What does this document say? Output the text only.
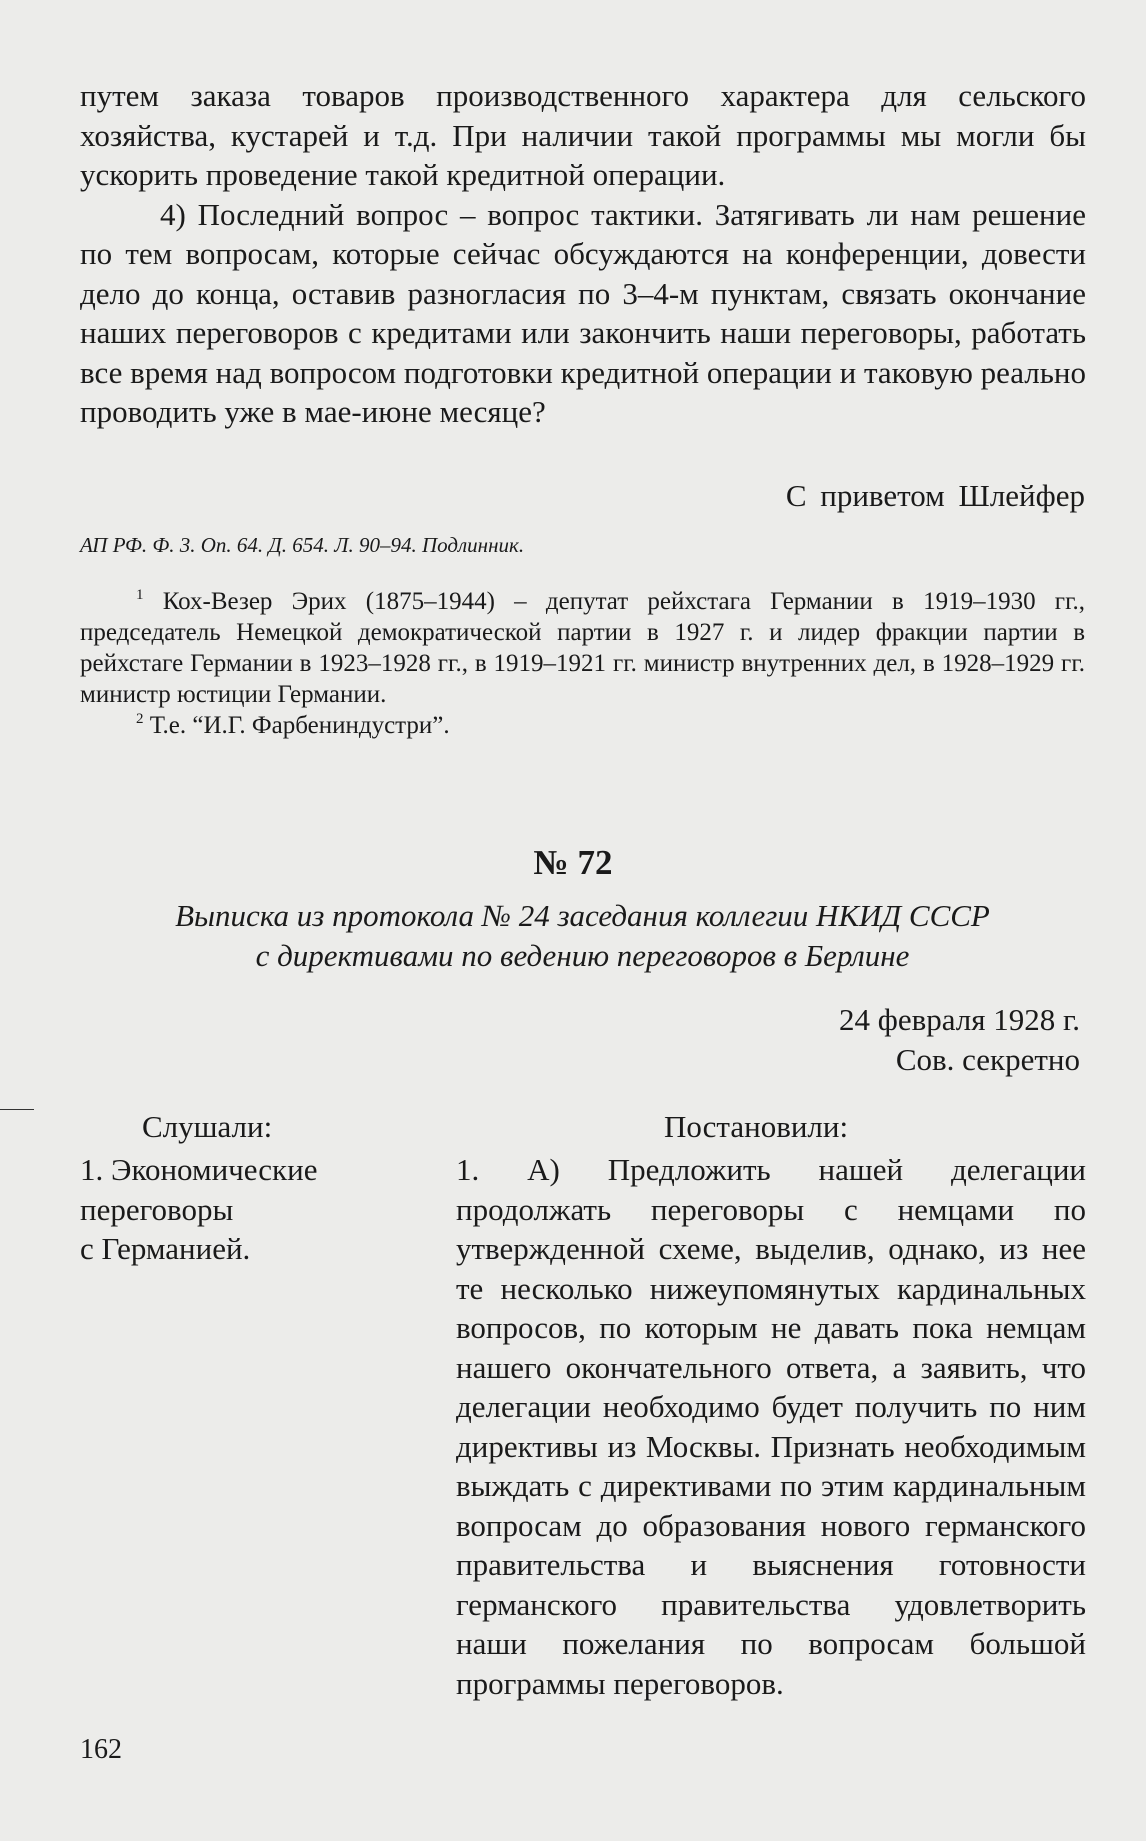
путем заказа товаров производственного характера для сельского хозяйства, кустарей и т.д. При наличии такой программы мы могли бы ускорить проведение такой кредитной операции.

4) Последний вопрос – вопрос тактики. Затягивать ли нам решение по тем вопросам, которые сейчас обсуждаются на конференции, довести дело до конца, оставив разногласия по 3–4-м пунктам, связать окончание наших переговоров с кредитами или закончить наши переговоры, работать все время над вопросом подготовки кредитной операции и таковую реально проводить уже в мае-июне месяце?

С приветом Шлейфер
АП РФ. Ф. 3. Оп. 64. Д. 654. Л. 90–94. Подлинник.

$^1$ Кох-Везер Эрих (1875–1944) – депутат рейхстага Германии в 1919–1930 гг., председатель Немецкой демократической партии в 1927 г. и лидер фракции партии в рейхстаге Германии в 1923–1928 гг., в 1919–1921 гг. министр внутренних дел, в 1928–1929 гг. министр юстиции Германии.

$^2$ Т.е. “И.Г. Фарбениндустри”.

№ 72
Выписка из протокола № 24 заседания коллегии НКИД СССР
с директивами по ведению переговоров в Берлине
24 февраля 1928 г.
Сов. секретно
Слушали:	Постановили:
1. Экономические
переговоры
с Германией.

1. А) Предложить нашей делегации продолжать переговоры с немцами по утвержденной схеме, выделив, однако, из нее те несколько нижеупомянутых кардинальных вопросов, по которым не давать пока немцам нашего окончательного ответа, а заявить, что делегации необходимо будет получить по ним директивы из Москвы. Признать необходимым выждать с директивами по этим кардинальным вопросам до образования нового германского правительства и выяснения готовности германского правительства удовлетворить наши пожелания по вопросам большой программы переговоров.

162
